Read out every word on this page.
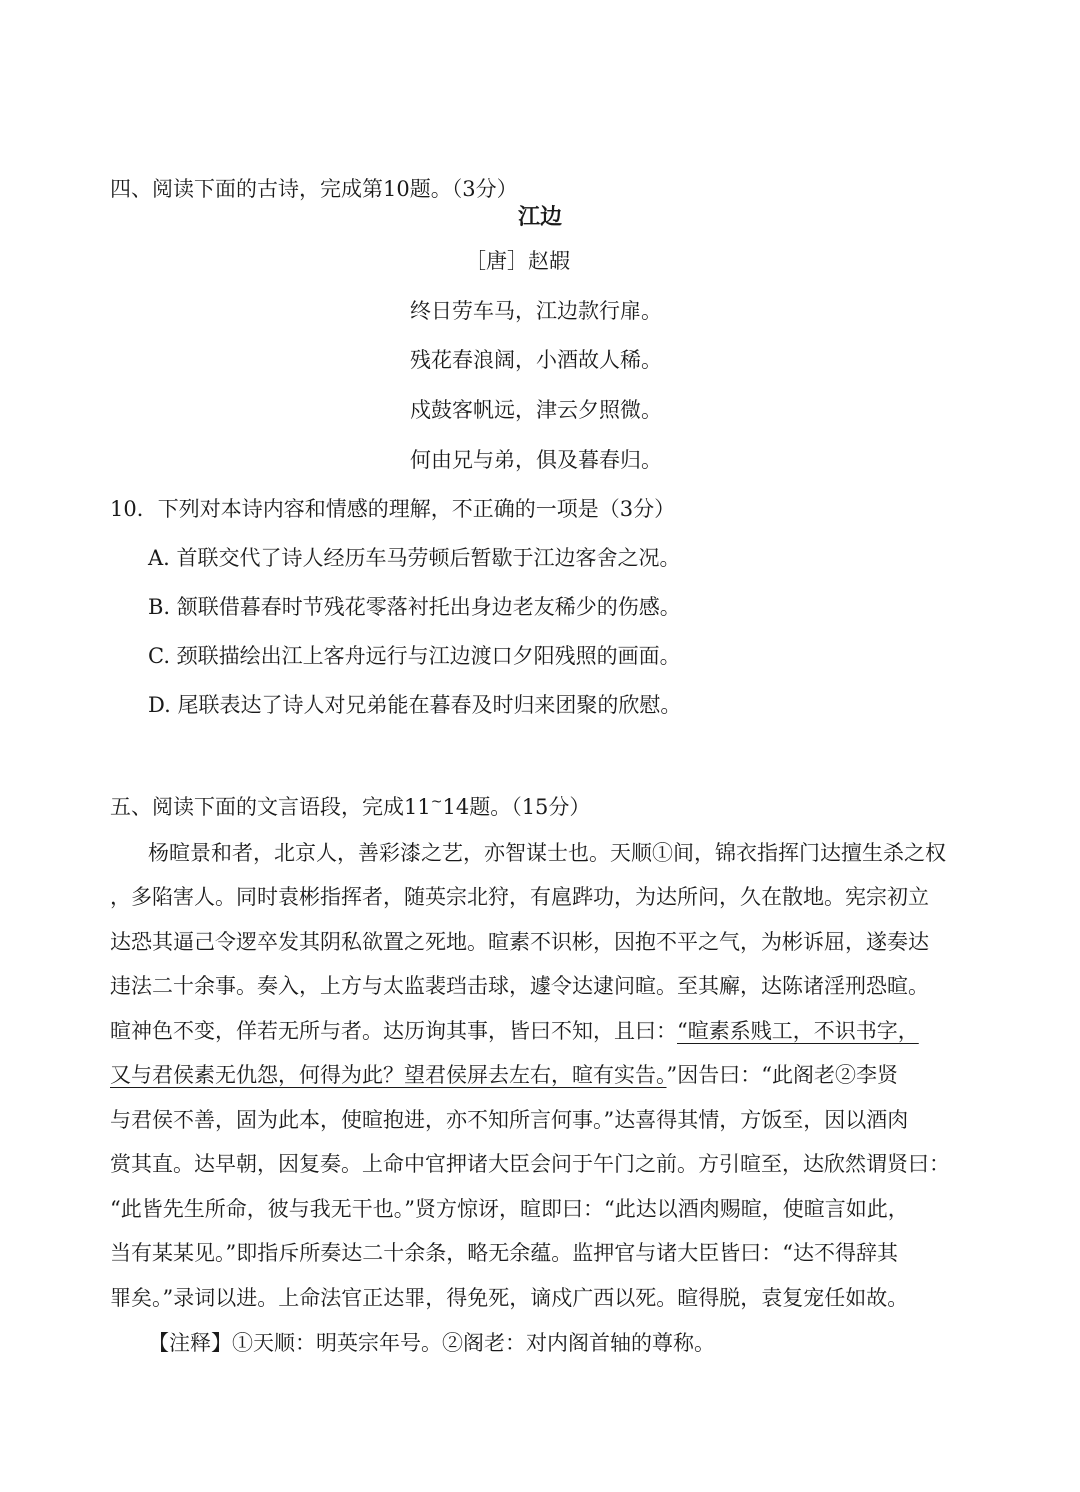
四、阅读下面的古诗，完成第10题。（3分）
江边
［唐］赵嘏
终日劳车马，江边款行扉。
残花春浪阔，小酒故人稀。
戍鼓客帆远，津云夕照微。
何由兄与弟，俱及暮春归。
10．下列对本诗内容和情感的理解，不正确的一项是（3分）
A. 首联交代了诗人经历车马劳顿后暂歇于江边客舍之况。
B. 颔联借暮春时节残花零落衬托出身边老友稀少的伤感。
C. 颈联描绘出江上客舟远行与江边渡口夕阳残照的画面。
D. 尾联表达了诗人对兄弟能在暮春及时归来团聚的欣慰。
五、阅读下面的文言语段，完成11~14题。（15分）
杨暄景和者，北京人，善彩漆之艺，亦智谋士也。天顺①间，锦衣指挥门达擅生杀之权
，多陷害人。同时袁彬指挥者，随英宗北狩，有扈跸功，为达所问，久在散地。宪宗初立
达恐其逼己令逻卒发其阴私欲置之死地。暄素不识彬，因抱不平之气，为彬诉屈，遂奏达
违法二十余事。奏入，上方与太监裴珰击球，遽令达逮问暄。至其廨，达陈诸淫刑恐暄。
暄神色不变，佯若无所与者。达历询其事，皆曰不知，且曰：“暄素系贱工，不识书字，
又与君侯素无仇怨，何得为此？望君侯屏去左右，暄有实告。”因告曰：“此阁老②李贤
与君侯不善，固为此本，使暄抱进，亦不知所言何事。”达喜得其情，方饭至，因以酒肉
赏其直。达早朝，因复奏。上命中官押诸大臣会问于午门之前。方引暄至，达欣然谓贤曰：
“此皆先生所命，彼与我无干也。”贤方惊讶，暄即曰：“此达以酒肉赐暄，使暄言如此，
当有某某见。”即指斥所奏达二十余条，略无余蕴。监押官与诸大臣皆曰：“达不得辞其
罪矣。”录词以进。上命法官正达罪，得免死，谪戍广西以死。暄得脱，袁复宠任如故。
【注释】①天顺：明英宗年号。②阁老：对内阁首轴的尊称。
